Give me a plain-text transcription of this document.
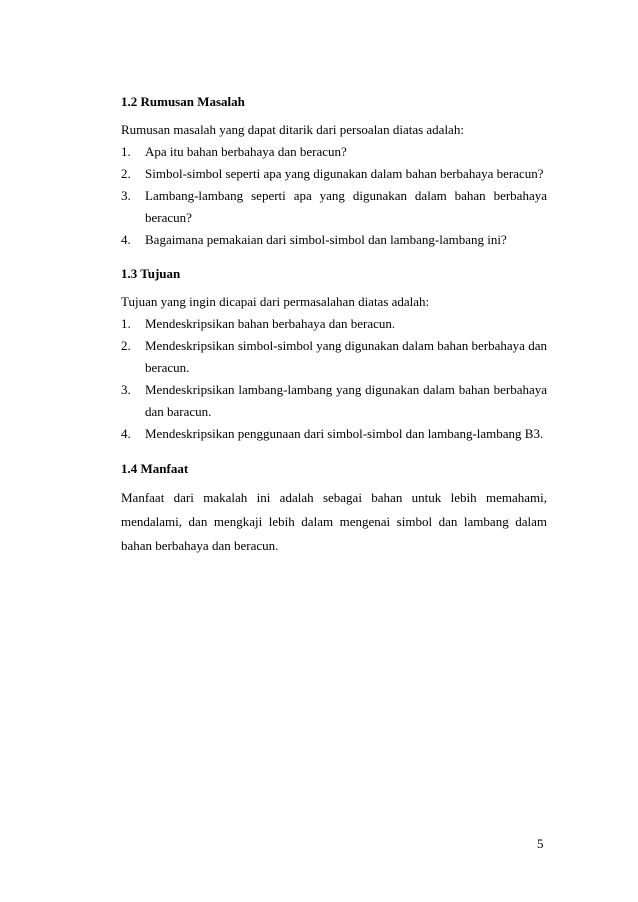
1.2 Rumusan Masalah
Rumusan masalah yang dapat ditarik dari persoalan diatas adalah:
1. Apa itu bahan berbahaya dan beracun?
2. Simbol-simbol seperti apa yang digunakan dalam bahan berbahaya beracun?
3. Lambang-lambang seperti apa yang digunakan dalam bahan berbahaya
beracun?
4. Bagaimana pemakaian dari simbol-simbol dan lambang-lambang ini?
1.3 Tujuan
Tujuan yang ingin dicapai dari permasalahan diatas adalah:
1. Mendeskripsikan bahan berbahaya dan beracun.
2. Mendeskripsikan simbol-simbol yang digunakan dalam bahan berbahaya dan
beracun.
3. Mendeskripsikan lambang-lambang yang digunakan dalam bahan berbahaya
dan baracun.
4. Mendeskripsikan penggunaan dari simbol-simbol dan lambang-lambang B3.
1.4 Manfaat
Manfaat dari makalah ini adalah sebagai bahan untuk lebih memahami,
mendalami, dan mengkaji lebih dalam mengenai simbol dan lambang dalam
bahan berbahaya dan beracun.
5
